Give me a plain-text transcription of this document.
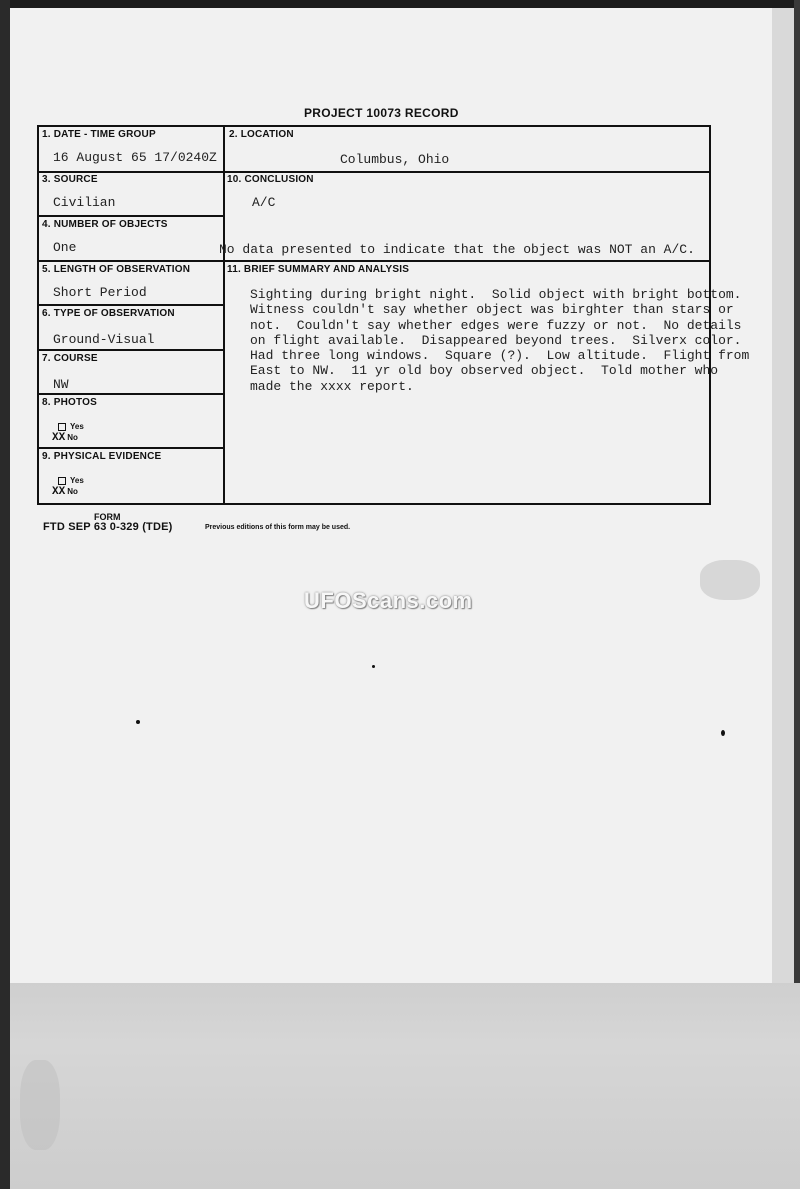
PROJECT 10073 RECORD
1. DATE - TIME GROUP
16 August 65 17/0240Z
3. SOURCE
Civilian
4. NUMBER OF OBJECTS
One
5. LENGTH OF OBSERVATION
Short Period
6. TYPE OF OBSERVATION
Ground-Visual
7. COURSE
NW
8. PHOTOS
Yes
XX No
9. PHYSICAL EVIDENCE
Yes
XX No
2. LOCATION
Columbus, Ohio
10. CONCLUSION
A/C
No data presented to indicate that the object was NOT an A/C.
11. BRIEF SUMMARY AND ANALYSIS
Sighting during bright night.  Solid object with bright bottom.
Witness couldn't say whether object was birghter than stars or
not.  Couldn't say whether edges were fuzzy or not.  No details
on flight available.  Disappeared beyond trees.  Silverx color.
Had three long windows.  Square (?).  Low altitude.  Flight from
East to NW.  11 yr old boy observed object.  Told mother who
made the xxxx report.
FORM
FTD SEP 63 0-329 (TDE)	Previous editions of this form may be used.
UFOScans.com
